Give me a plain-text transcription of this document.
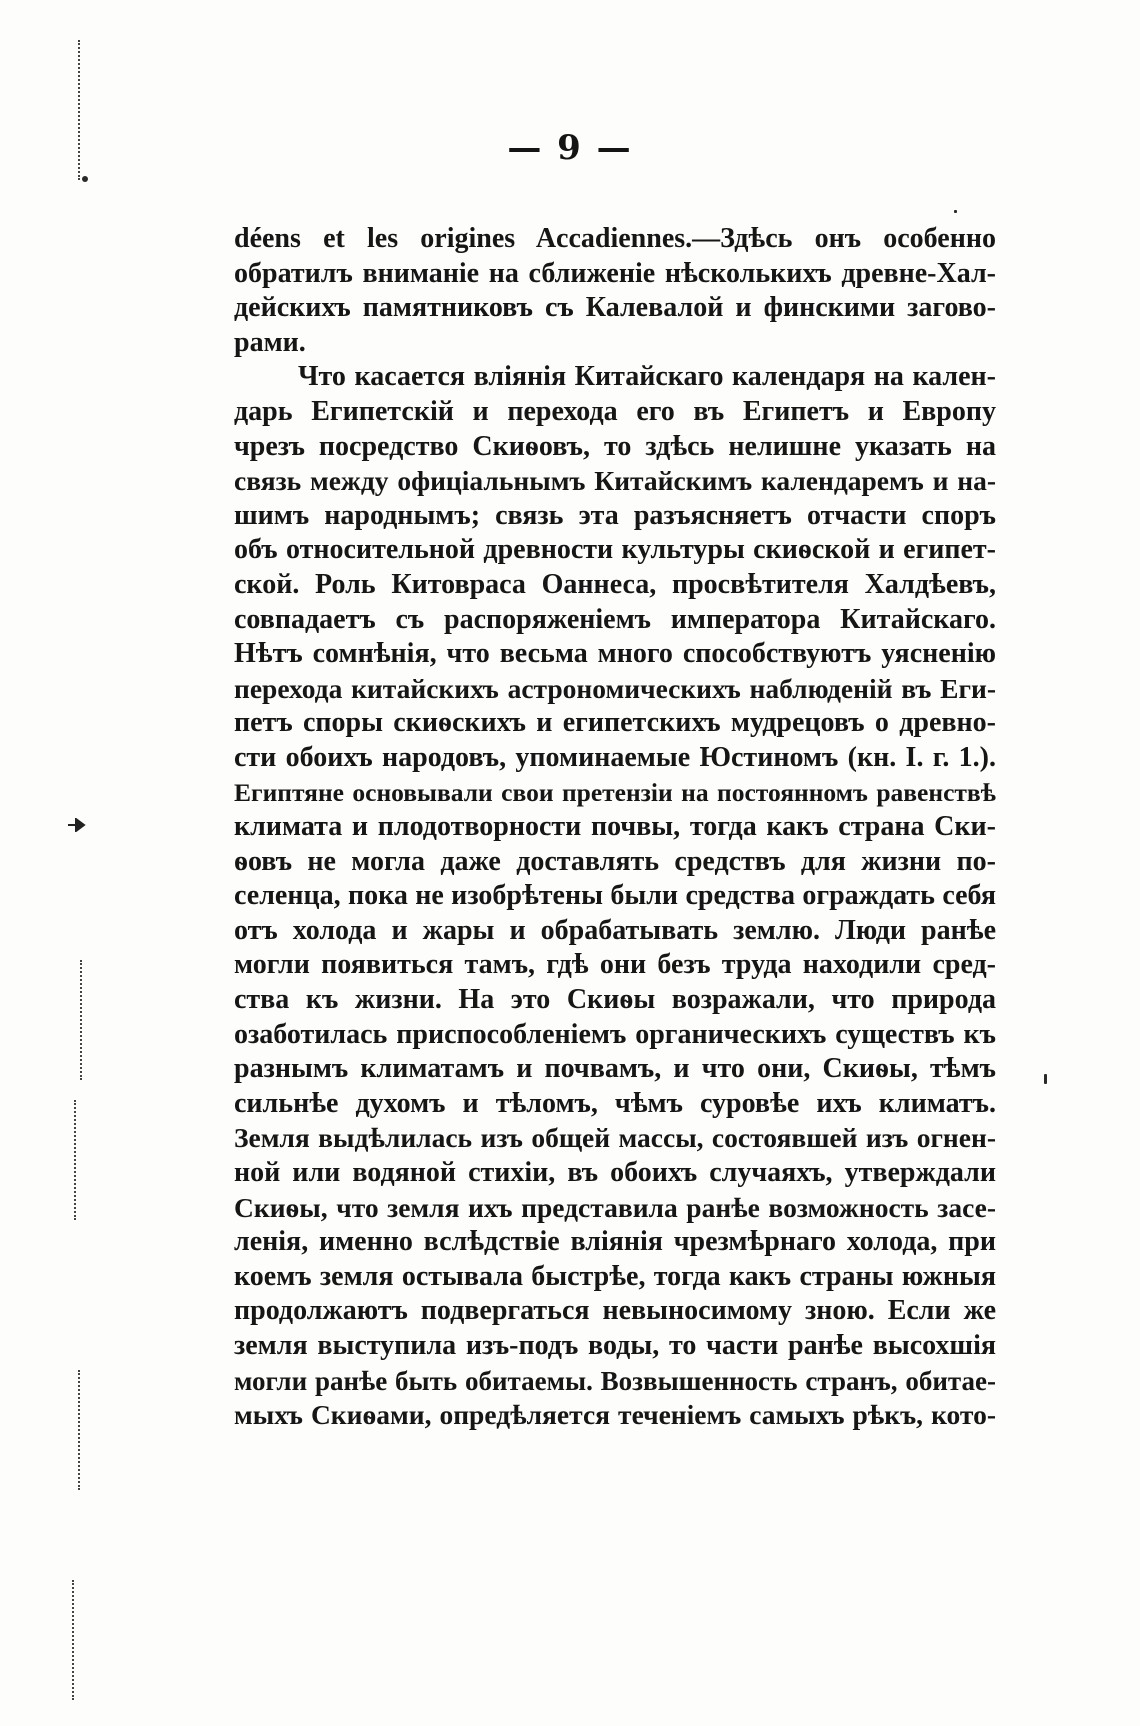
— 9 —
déens et les origines Accadiennes.—Здѣсь онъ особенно
обратилъ вниманіе на сближеніе нѣсколькихъ древне-Хал-
дейскихъ памятниковъ съ Калевалой и финскими загово-
рами.
Что касается вліянія Китайскаго календаря на кален-
дарь Египетскій и перехода его въ Египетъ и Европу
чрезъ посредство Скиѳовъ, то здѣсь нелишне указать на
связь между офиціальнымъ Китайскимъ календаремъ и на-
шимъ народнымъ; связь эта разъясняетъ отчасти споръ
объ относительной древности культуры скиѳской и египет-
ской. Роль Китовраса Оаннеса, просвѣтителя Халдѣевъ,
совпадаетъ съ распоряженіемъ императора Китайскаго.
Нѣтъ сомнѣнія, что весьма много способствуютъ уясненію
перехода китайскихъ астрономическихъ наблюденій въ Еги-
петъ споры скиѳскихъ и египетскихъ мудрецовъ о древно-
сти обоихъ народовъ, упоминаемые Юстиномъ (кн. I. г. 1.).
Египтяне основывали свои претензіи на постоянномъ равенствѣ
климата и плодотворности почвы, тогда какъ страна Ски-
ѳовъ не могла даже доставлять средствъ для жизни по-
селенца, пока не изобрѣтены были средства ограждать себя
отъ холода и жары и обрабатывать землю. Люди ранѣе
могли появиться тамъ, гдѣ они безъ труда находили сред-
ства къ жизни. На это Скиѳы возражали, что природа
озаботилась приспособленіемъ органическихъ существъ къ
разнымъ климатамъ и почвамъ, и что они, Скиѳы, тѣмъ
сильнѣе духомъ и тѣломъ, чѣмъ суровѣе ихъ климатъ.
Земля выдѣлилась изъ общей массы, состоявшей изъ огнен-
ной или водяной стихіи, въ обоихъ случаяхъ, утверждали
Скиѳы, что земля ихъ представила ранѣе возможность засе-
ленія, именно вслѣдствіе вліянія чрезмѣрнаго холода, при
коемъ земля остывала быстрѣе, тогда какъ страны южныя
продолжаютъ подвергаться невыносимому зною. Если же
земля выступила изъ-подъ воды, то части ранѣе высохшія
могли ранѣе быть обитаемы. Возвышенность странъ, обитае-
мыхъ Скиѳами, опредѣляется теченіемъ самыхъ рѣкъ, кото-
